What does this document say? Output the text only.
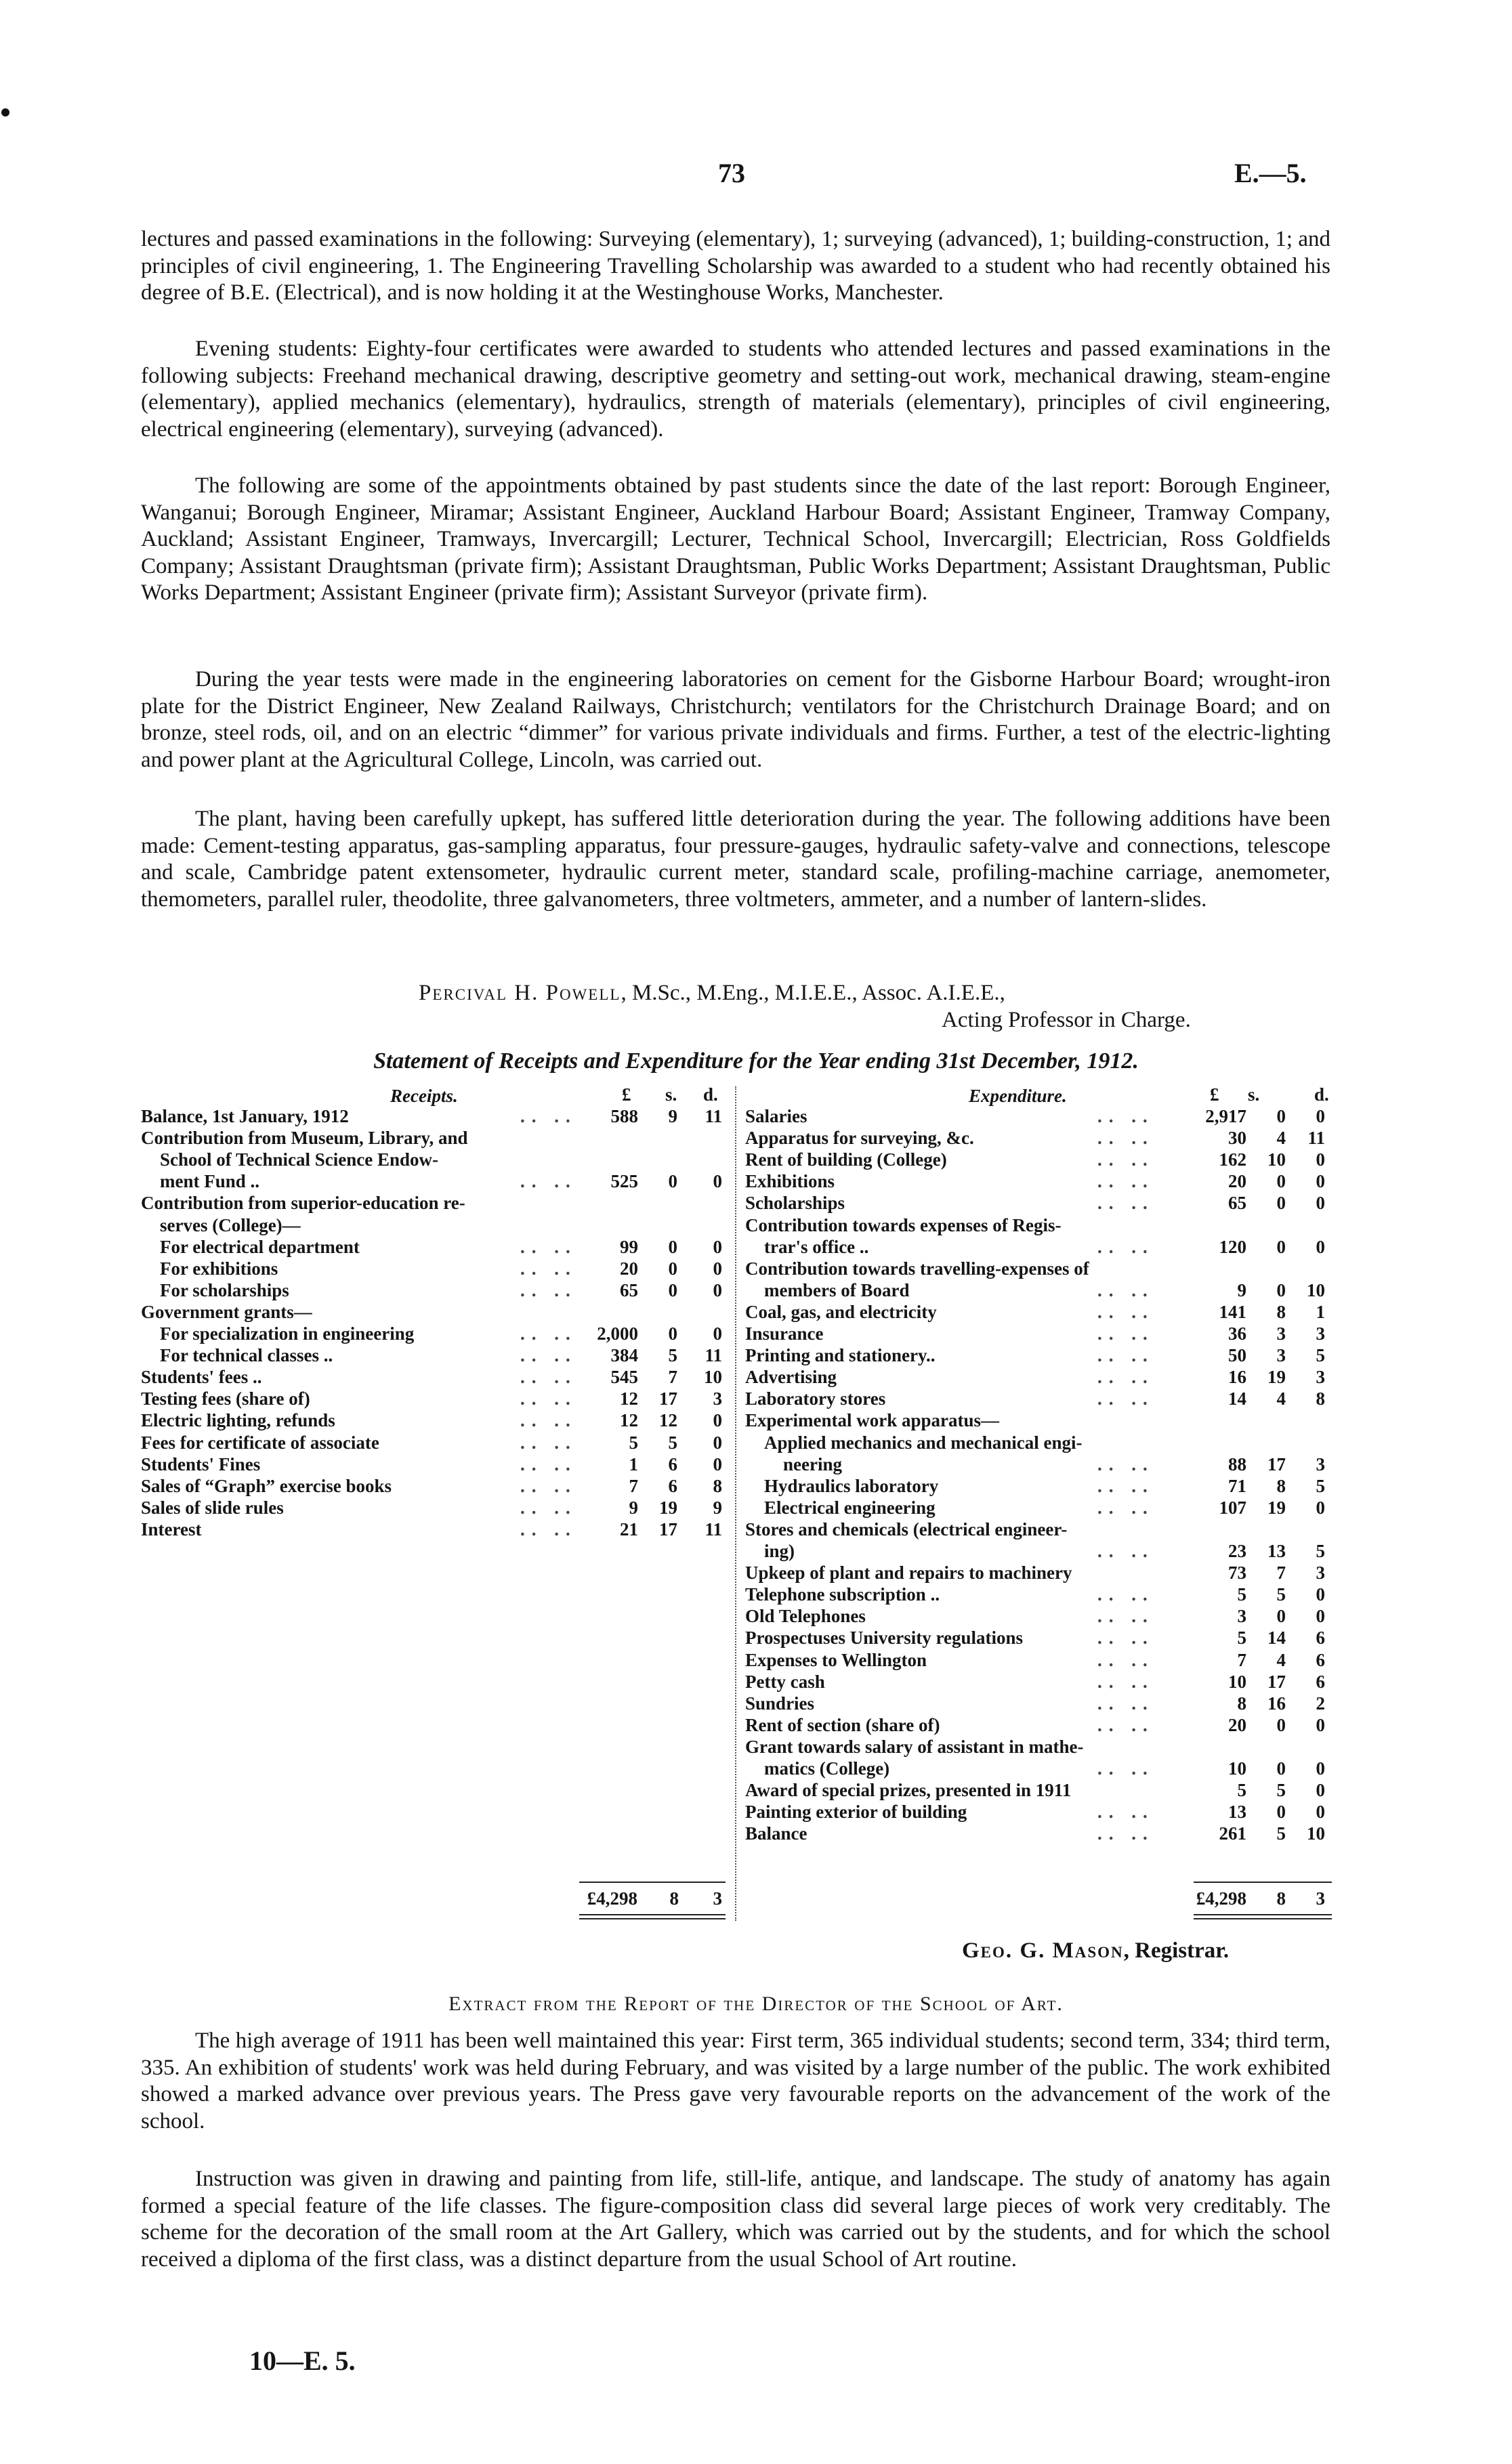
73	E.—5.

lectures and passed examinations in the following: Surveying (elementary), 1; surveying (advanced), 1; building-construction, 1; and principles of civil engineering, 1. The Engineering Travelling Scholarship was awarded to a student who had recently obtained his degree of B.E. (Electrical), and is now holding it at the Westinghouse Works, Manchester.

Evening students: Eighty-four certificates were awarded to students who attended lectures and passed examinations in the following subjects: Freehand mechanical drawing, descriptive geometry and setting-out work, mechanical drawing, steam-engine (elementary), applied mechanics (elementary), hydraulics, strength of materials (elementary), principles of civil engineering, electrical engineering (elementary), surveying (advanced).

The following are some of the appointments obtained by past students since the date of the last report: Borough Engineer, Wanganui; Borough Engineer, Miramar; Assistant Engineer, Auckland Harbour Board; Assistant Engineer, Tramway Company, Auckland; Assistant Engineer, Tramways, Invercargill; Lecturer, Technical School, Invercargill; Electrician, Ross Goldfields Company; Assistant Draughtsman (private firm); Assistant Draughtsman, Public Works Department; Assistant Draughtsman, Public Works Department; Assistant Engineer (private firm); Assistant Surveyor (private firm).

During the year tests were made in the engineering laboratories on cement for the Gisborne Harbour Board; wrought-iron plate for the District Engineer, New Zealand Railways, Christchurch; ventilators for the Christchurch Drainage Board; and on bronze, steel rods, oil, and on an electric “dimmer” for various private individuals and firms. Further, a test of the electric-lighting and power plant at the Agricultural College, Lincoln, was carried out.

The plant, having been carefully upkept, has suffered little deterioration during the year. The following additions have been made: Cement-testing apparatus, gas-sampling apparatus, four pressure-gauges, hydraulic safety-valve and connections, telescope and scale, Cambridge patent extensometer, hydraulic current meter, standard scale, profiling-machine carriage, anemometer, themometers, parallel ruler, theodolite, three galvanometers, three voltmeters, ammeter, and a number of lantern-slides.

Percival H. Powell, M.Sc., M.Eng., M.I.E.E., Assoc. A.I.E.E.,
Acting Professor in Charge.
Statement of Receipts and Expenditure for the Year ending 31st December, 1912.
Receipts.	£ s. d.	Expenditure.	£ s.	d.
Balance, 1st January, 1912	.. ..	588	9	11
Contribution from Museum, Library, and
School of Technical Science Endow-
ment Fund ..	.. ..	525	0	0
Contribution from superior-education re-
serves (College)—
For electrical department	.. ..	99	0	0
For exhibitions	.. ..	20	0	0
For scholarships	.. ..	65	0	0
Government grants—
For specialization in engineering	.. ..	2,000	0	0
For technical classes ..	.. ..	384	5	11
Students' fees ..	.. ..	545	7	10
Testing fees (share of)	.. ..	12	17	3
Electric lighting, refunds	.. ..	12	12	0
Fees for certificate of associate	.. ..	5	5	0
Students' Fines	.. ..	1	6	0
Sales of “Graph” exercise books	.. ..	7	6	8
Sales of slide rules	.. ..	9	19	9
Interest	.. ..	21	17	11
Salaries	.. ..	2,917	0	0
Apparatus for surveying, &c.	.. ..	30	4	11
Rent of building (College)	.. ..	162	10	0
Exhibitions	.. ..	20	0	0
Scholarships	.. ..	65	0	0
Contribution towards expenses of Regis-
trar's office ..	.. ..	120	0	0
Contribution towards travelling-expenses of
members of Board	.. ..	9	0	10
Coal, gas, and electricity	.. ..	141	8	1
Insurance	.. ..	36	3	3
Printing and stationery..	.. ..	50	3	5
Advertising	.. ..	16	19	3
Laboratory stores	.. ..	14	4	8
Experimental work apparatus—
Applied mechanics and mechanical engi-
neering	.. ..	88	17	3
Hydraulics laboratory	.. ..	71	8	5
Electrical engineering	.. ..	107	19	0
Stores and chemicals (electrical engineer-
ing)	.. ..	23	13	5
Upkeep of plant and repairs to machinery	73	7	3
Telephone subscription ..	.. ..	5	5	0
Old Telephones	.. ..	3	0	0
Prospectuses University regulations	.. ..	5	14	6
Expenses to Wellington	.. ..	7	4	6
Petty cash	.. ..	10	17	6
Sundries	.. ..	8	16	2
Rent of section (share of)	.. ..	20	0	0
Grant towards salary of assistant in mathe-
matics (College)	.. ..	10	0	0
Award of special prizes, presented in 1911	5	5	0
Painting exterior of building	.. ..	13	0	0
Balance	.. ..	261	5	10
£4,298	8	3	£4,298	8	3
Geo. G. Mason, Registrar.
Extract from the Report of the Director of the School of Art.

The high average of 1911 has been well maintained this year: First term, 365 individual students; second term, 334; third term, 335. An exhibition of students' work was held during February, and was visited by a large number of the public. The work exhibited showed a marked advance over previous years. The Press gave very favourable reports on the advancement of the work of the school.

Instruction was given in drawing and painting from life, still-life, antique, and landscape. The study of anatomy has again formed a special feature of the life classes. The figure-composition class did several large pieces of work very creditably. The scheme for the decoration of the small room at the Art Gallery, which was carried out by the students, and for which the school received a diploma of the first class, was a distinct departure from the usual School of Art routine.

10—E. 5.
